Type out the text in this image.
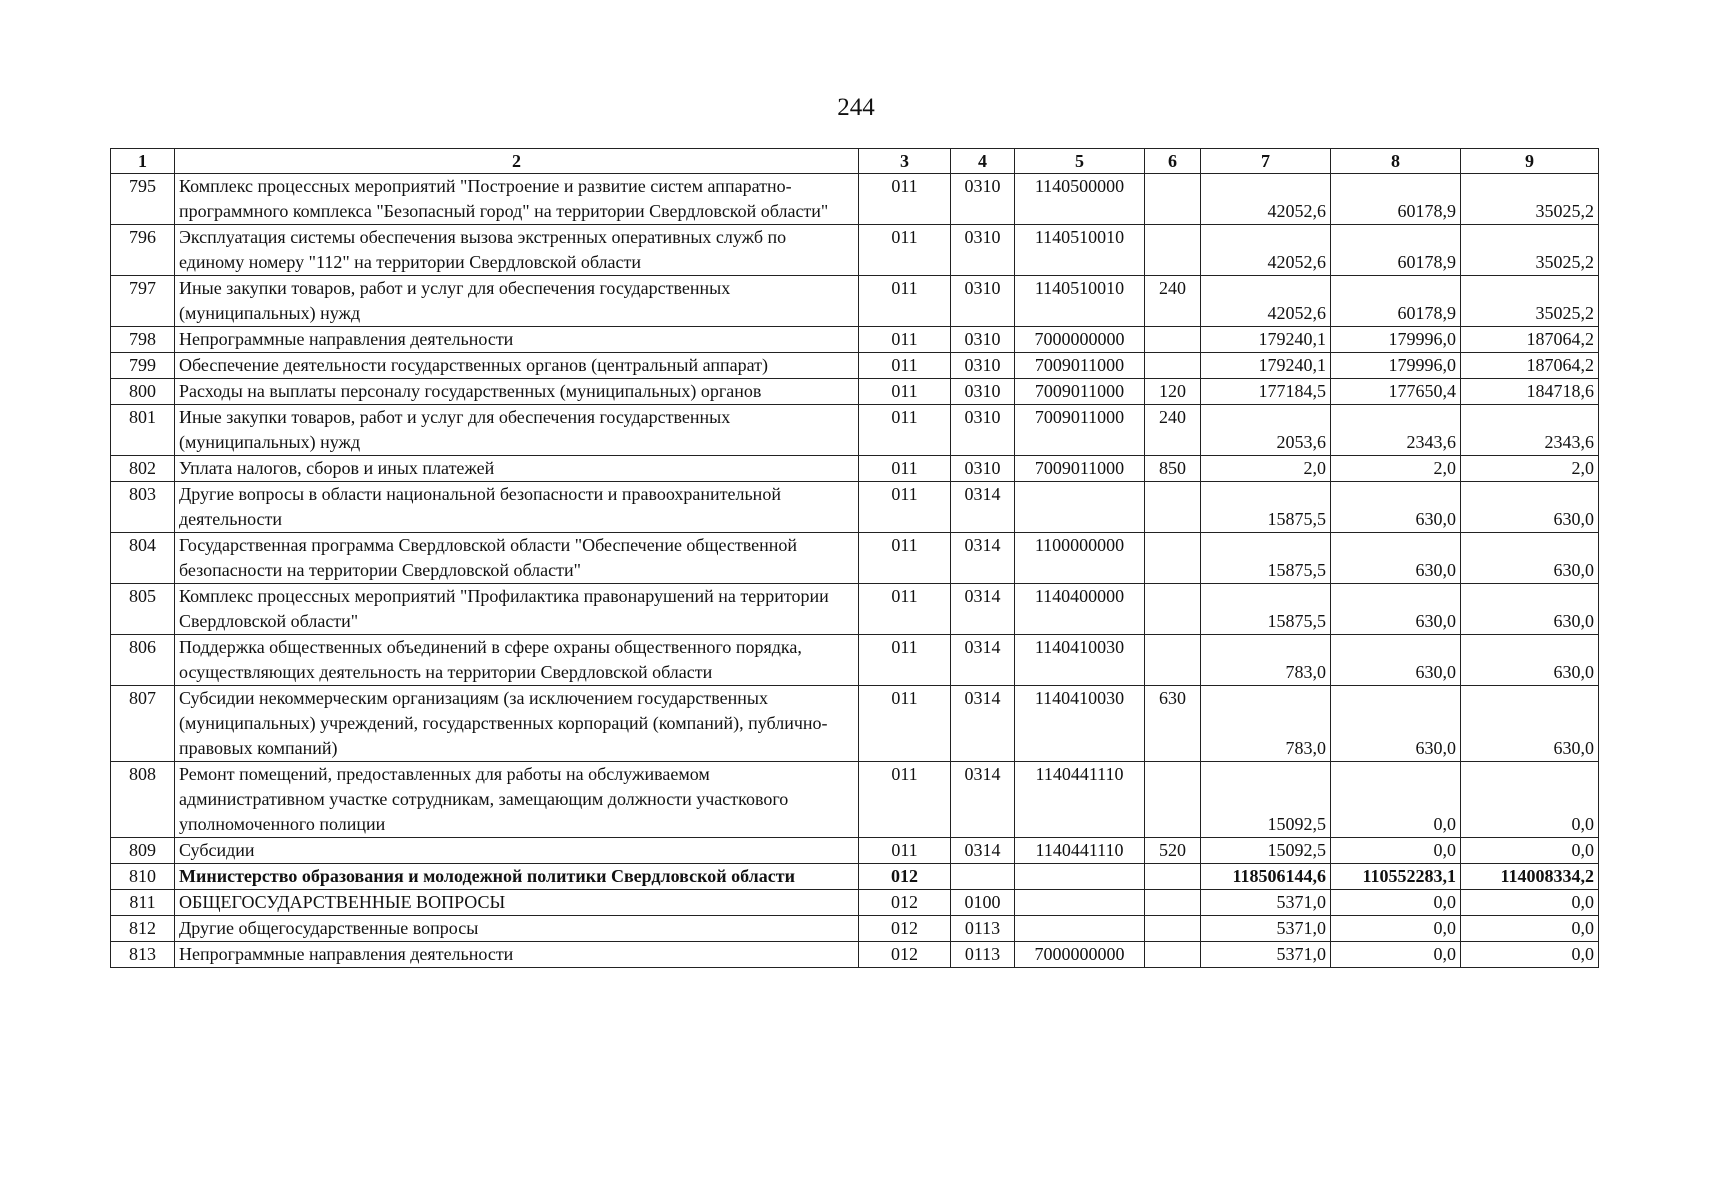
244
1	2	3	4	5	6	7	8	9
795	Комплекс процессных мероприятий "Построение и развитие систем аппаратно-программного комплекса "Безопасный город" на территории Свердловской области"	011	0310	1140500000		42052,6	60178,9	35025,2
796	Эксплуатация системы обеспечения вызова экстренных оперативных служб по единому номеру "112" на территории Свердловской области	011	0310	1140510010		42052,6	60178,9	35025,2
797	Иные закупки товаров, работ и услуг для обеспечения государственных (муниципальных) нужд	011	0310	1140510010	240	42052,6	60178,9	35025,2
798	Непрограммные направления деятельности	011	0310	7000000000		179240,1	179996,0	187064,2
799	Обеспечение деятельности государственных органов (центральный аппарат)	011	0310	7009011000		179240,1	179996,0	187064,2
800	Расходы на выплаты персоналу государственных (муниципальных) органов	011	0310	7009011000	120	177184,5	177650,4	184718,6
801	Иные закупки товаров, работ и услуг для обеспечения государственных (муниципальных) нужд	011	0310	7009011000	240	2053,6	2343,6	2343,6
802	Уплата налогов, сборов и иных платежей	011	0310	7009011000	850	2,0	2,0	2,0
803	Другие вопросы в области национальной безопасности и правоохранительной деятельности	011	0314			15875,5	630,0	630,0
804	Государственная программа Свердловской области "Обеспечение общественной безопасности на территории Свердловской области"	011	0314	1100000000		15875,5	630,0	630,0
805	Комплекс процессных мероприятий "Профилактика правонарушений на территории Свердловской области"	011	0314	1140400000		15875,5	630,0	630,0
806	Поддержка общественных объединений в сфере охраны общественного порядка, осуществляющих деятельность на территории Свердловской области	011	0314	1140410030		783,0	630,0	630,0
807	Субсидии некоммерческим организациям (за исключением государственных (муниципальных) учреждений, государственных корпораций (компаний), публично-правовых компаний)	011	0314	1140410030	630	783,0	630,0	630,0
808	Ремонт помещений, предоставленных для работы на обслуживаемом административном участке сотрудникам, замещающим должности участкового уполномоченного полиции	011	0314	1140441110		15092,5	0,0	0,0
809	Субсидии	011	0314	1140441110	520	15092,5	0,0	0,0
810	Министерство образования и молодежной политики Свердловской области	012				118506144,6	110552283,1	114008334,2
811	ОБЩЕГОСУДАРСТВЕННЫЕ ВОПРОСЫ	012	0100			5371,0	0,0	0,0
812	Другие общегосударственные вопросы	012	0113			5371,0	0,0	0,0
813	Непрограммные направления деятельности	012	0113	7000000000		5371,0	0,0	0,0
